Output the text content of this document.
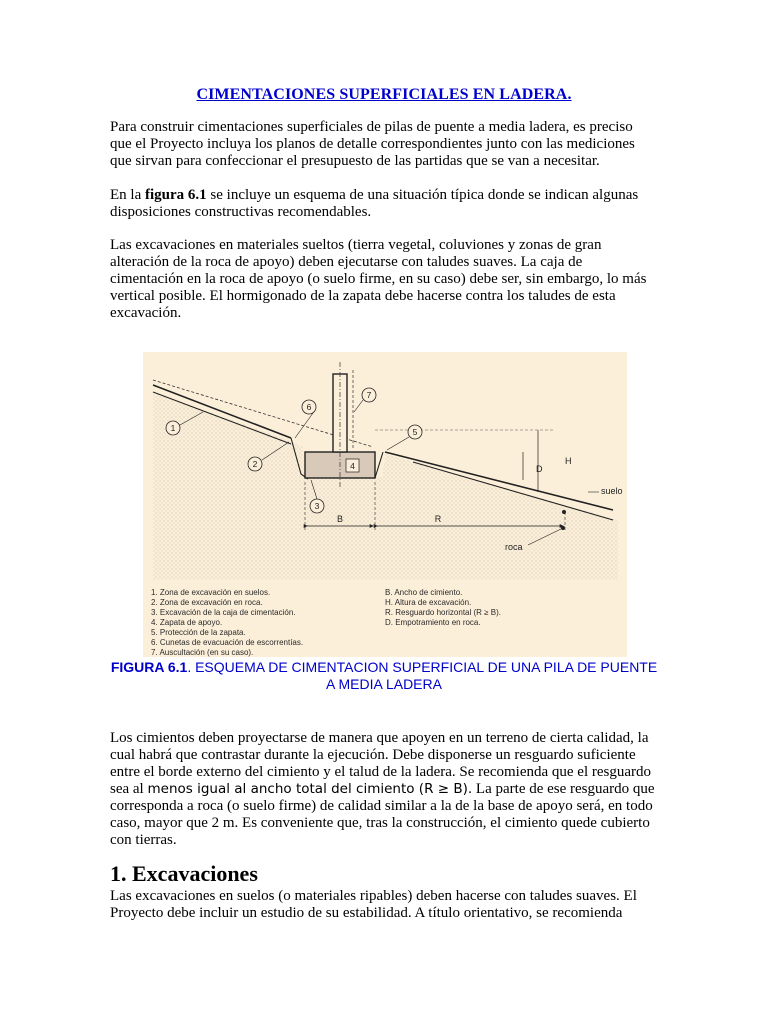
CIMENTACIONES SUPERFICIALES EN LADERA.

Para construir cimentaciones superficiales de pilas de puente a media ladera, es preciso que el Proyecto incluya los planos de detalle correspondientes junto con las mediciones que sirvan para confeccionar el presupuesto de las partidas que se van a necesitar.

En la figura 6.1 se incluye un esquema de una situación típica donde se indican algunas disposiciones constructivas recomendables.

Las excavaciones en materiales sueltos (tierra vegetal, coluviones y zonas de gran alteración de la roca de apoyo) deben ejecutarse con taludes suaves. La caja de cimentación en la roca de apoyo (o suelo firme, en su caso) debe ser, sin embargo, lo más vertical posible. El hormigonado de la zapata debe hacerse contra los taludes de esta excavación.

H
D
B	R
suelo
roca
1
2
3
4
5
6
7
1. Zona de excavación en suelos.
2. Zona de excavación en roca.
3. Excavación de la caja de cimentación.
4. Zapata de apoyo.
5. Protección de la zapata.
6. Cunetas de evacuación de escorrentías.
7. Auscultación (en su caso).
B. Ancho de cimiento.
H. Altura de excavación.
R. Resguardo horizontal (R ≥ B).
D. Empotramiento en roca.
FIGURA 6.1. ESQUEMA DE CIMENTACION SUPERFICIAL DE UNA PILA DE PUENTE
A MEDIA LADERA

Los cimientos deben proyectarse de manera que apoyen en un terreno de cierta calidad, la cual habrá que contrastar durante la ejecución. Debe disponerse un resguardo suficiente entre el borde externo del cimiento y el talud de la ladera. Se recomienda que el resguardo sea al menos igual al ancho total del cimiento (R ≥ B). La parte de ese resguardo que corresponda a roca (o suelo firme) de calidad similar a la de la base de apoyo será, en todo caso, mayor que 2 m. Es conveniente que, tras la construcción, el cimiento quede cubierto con tierras.

1. Excavaciones

Las excavaciones en suelos (o materiales ripables) deben hacerse con taludes suaves. El Proyecto debe incluir un estudio de su estabilidad. A título orientativo, se recomienda
